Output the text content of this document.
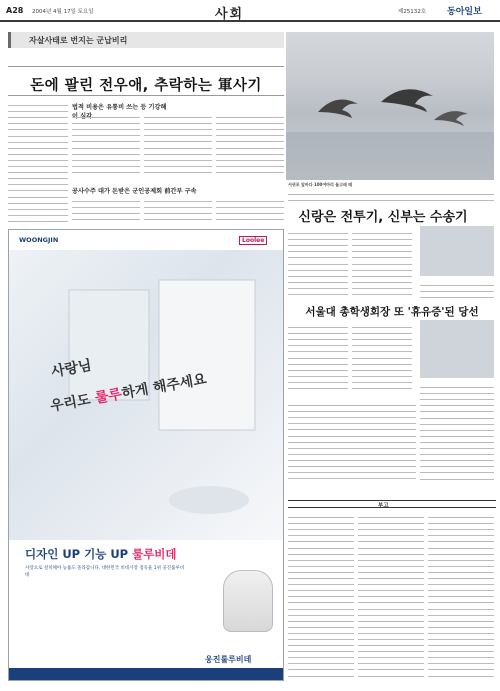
A28 2004년 4월 17일 토요일	사회	제25132호 동아일보
자살사태로 번지는 군납비리
돈에 팔린 전우애, 추락하는 軍사기
법적 비용은 유통비 쓰는 등 기강해이 심각
공사수주 대가 돈받은 군인공제회 前간부 구속
서귀포 앞바다 100여마리 돌고래 떼
신랑은 전투기, 신부는 수송기
서울대 총학생회장 또 '휴유증'된 당선
부고
WOONGJIN	Loolee
사랑님
우리도 룰루하게 해주세요
디자인 UP 기능 UP 룰루비데
사랑으로 설치해야 능률도 올라갑니다. 대한민국 비데시장 점유율 1위 웅진룰루비데
웅진룰루비데
